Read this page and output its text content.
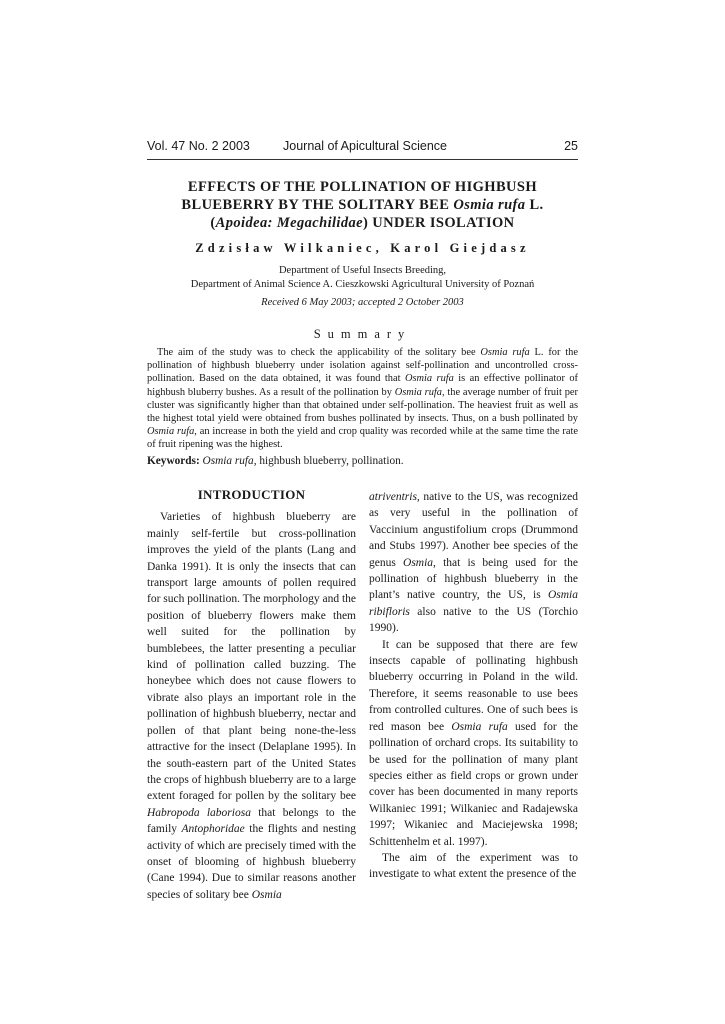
Vol. 47 No. 2 2003	Journal of Apicultural Science	25
EFFECTS OF THE POLLINATION OF HIGHBUSH
BLUEBERRY BY THE SOLITARY BEE Osmia rufa L.
(Apoidea: Megachilidae) UNDER ISOLATION
Zdzisław Wilkaniec, Karol Giejdasz
Department of Useful Insects Breeding,
Department of Animal Science A. Cieszkowski Agricultural University of Poznań
Received 6 May 2003; accepted 2 October 2003
Summary
The aim of the study was to check the applicability of the solitary bee Osmia rufa L. for the pollination of highbush blueberry under isolation against self-pollination and uncontrolled cross-pollination. Based on the data obtained, it was found that Osmia rufa is an effective pollinator of highbush bluberry bushes. As a result of the pollination by Osmia rufa, the average number of fruit per cluster was significantly higher than that obtained under self-pollination. The heaviest fruit as well as the highest total yield were obtained from bushes pollinated by insects. Thus, on a bush pollinated by Osmia rufa, an increase in both the yield and crop quality was recorded while at the same time the rate of fruit ripening was the highest.
Keywords: Osmia rufa, highbush blueberry, pollination.
INTRODUCTION

Varieties of highbush blueberry are mainly self-fertile but cross-pollination improves the yield of the plants (Lang and Danka 1991). It is only the insects that can transport large amounts of pollen required for such pollination. The morphology and the position of blueberry flowers make them well suited for the pollination by bumblebees, the latter presenting a peculiar kind of pollination called buzzing. The honeybee which does not cause flowers to vibrate also plays an important role in the pollination of highbush blueberry, nectar and pollen of that plant being none-the-less attractive for the insect (Delaplane 1995). In the south-eastern part of the United States the crops of highbush blueberry are to a large extent foraged for pollen by the solitary bee Habropoda laboriosa that belongs to the family Antophoridae the flights and nesting activity of which are precisely timed with the onset of blooming of highbush blueberry (Cane 1994). Due to similar reasons another species of solitary bee Osmia

atriventris, native to the US, was recognized as very useful in the pollination of Vaccinium angustifolium crops (Drummond and Stubs 1997). Another bee species of the genus Osmia, that is being used for the pollination of highbush blueberry in the plant’s native country, the US, is Osmia ribifloris also native to the US (Torchio 1990).

It can be supposed that there are few insects capable of pollinating highbush blueberry occurring in Poland in the wild. Therefore, it seems reasonable to use bees from controlled cultures. One of such bees is red mason bee Osmia rufa used for the pollination of orchard crops. Its suitability to be used for the pollination of many plant species either as field crops or grown under cover has been documented in many reports Wilkaniec 1991; Wilkaniec and Radajewska 1997; Wikaniec and Maciejewska 1998; Schittenhelm et al. 1997).

The aim of the experiment was to investigate to what extent the presence of the
